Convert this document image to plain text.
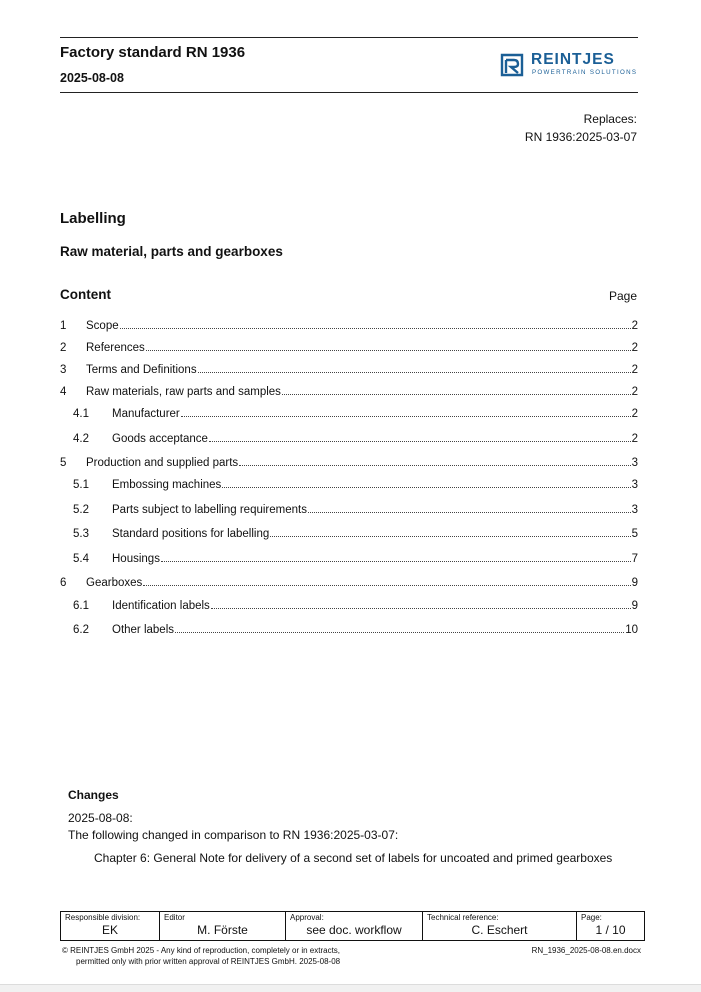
Factory standard RN 1936
2025-08-08
REINTJES
POWERTRAIN SOLUTIONS
Replaces:
RN 1936:2025-03-07
Labelling
Raw material, parts and gearboxes
Content	Page
1 Scope	2
2 References	2
3 Terms and Definitions	2
4 Raw materials, raw parts and samples	2
4.1 Manufacturer	2
4.2 Goods acceptance	2
5 Production and supplied parts	3
5.1 Embossing machines	3
5.2 Parts subject to labelling requirements	3
5.3 Standard positions for labelling	5
5.4 Housings	7
6 Gearboxes	9
6.1 Identification labels	9
6.2 Other labels	10
Changes
2025-08-08:
The following changed in comparison to RN 1936:2025-03-07:
Chapter 6: General Note for delivery of a second set of labels for uncoated and primed gearboxes
Responsible division:
EK

Editor
M. Förste

Approval:
see doc. workflow

Technical reference:
C. Eschert

Page:
1 / 10
© REINTJES GmbH 2025 - Any kind of reproduction, completely or in extracts,
permitted only with prior written approval of REINTJES GmbH. 2025-08-08
RN_1936_2025-08-08.en.docx
